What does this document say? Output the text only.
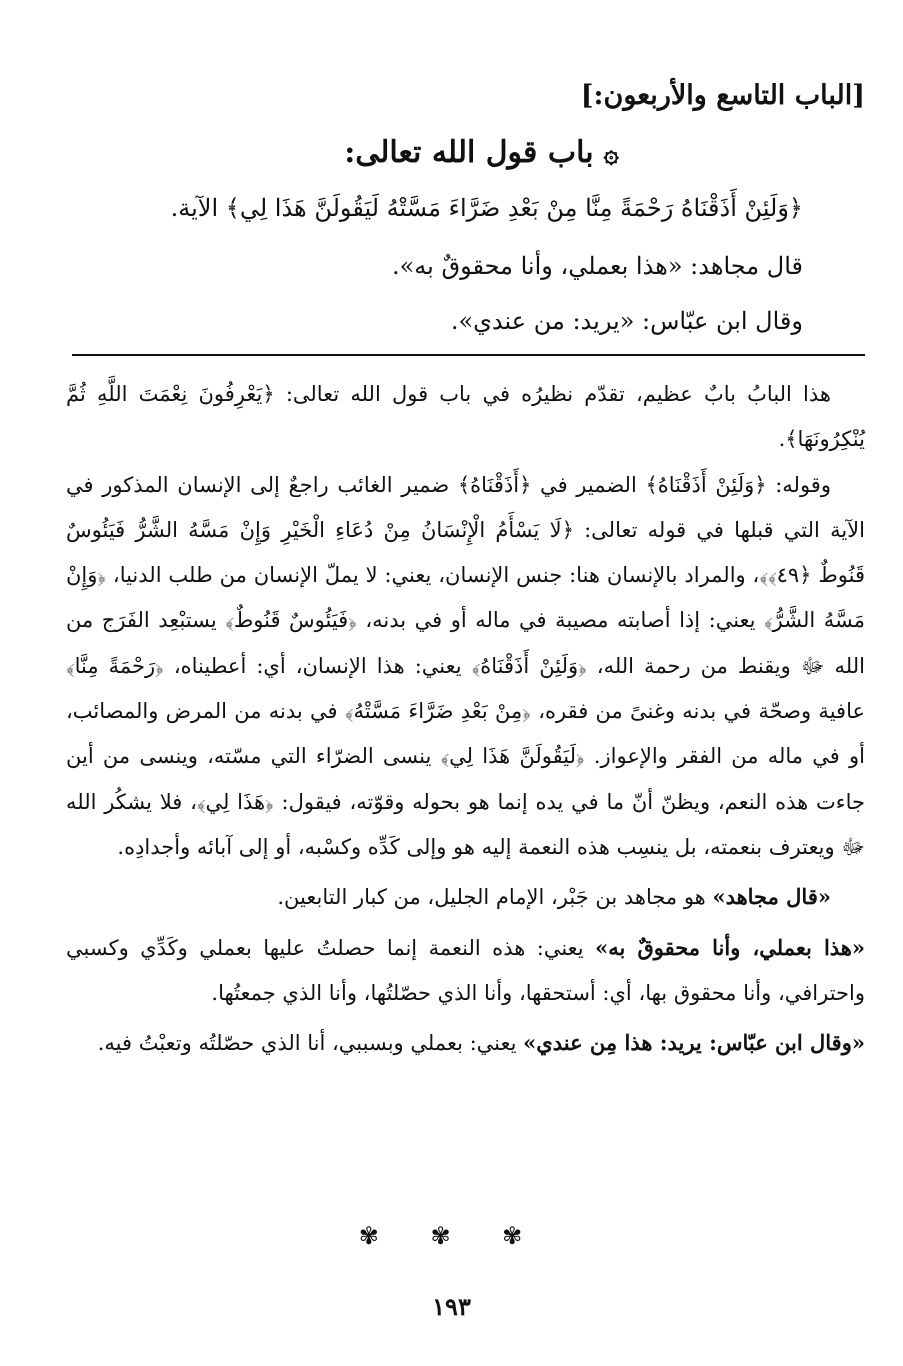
[الباب التاسع والأربعون:]
۞باب قول الله تعالى:

﴿وَلَئِنْ أَذَقْنَاهُ رَحْمَةً مِنَّا مِنْ بَعْدِ ضَرَّاءَ مَسَّتْهُ لَيَقُولَنَّ هَذَا لِي﴾ الآية.

قال مجاهد: «هذا بعملي، وأنا محقوقٌ به».

وقال ابن عبّاس: «يريد: من عندي».

هذا البابُ بابٌ عظيم، تقدّم نظيرُه في باب قول الله تعالى: ﴿يَعْرِفُونَ نِعْمَتَ اللَّهِ ثُمَّ يُنْكِرُونَهَا﴾.

وقوله: ﴿وَلَئِنْ أَذَقْنَاهُ﴾ الضمير في ﴿أَذَقْنَاهُ﴾ ضمير الغائب راجعٌ إلى الإنسان المذكور في الآية التي قبلها في قوله تعالى: ﴿لَا يَسْأَمُ الْإِنْسَانُ مِنْ دُعَاءِ الْخَيْرِ وَإِنْ مَسَّهُ الشَّرُّ فَيَئُوسٌ قَنُوطٌ ﴿٤٩﴾﴾، والمراد بالإنسان هنا: جنس الإنسان، يعني: لا يملّ الإنسان من طلب الدنيا، ﴿وَإِنْ مَسَّهُ الشَّرُّ﴾ يعني: إذا أصابته مصيبة في ماله أو في بدنه، ﴿فَيَئُوسٌ قَنُوطٌ﴾ يستبْعِد الفَرَج من الله ﷻ ويقنط من رحمة الله، ﴿وَلَئِنْ أَذَقْنَاهُ﴾ يعني: هذا الإنسان، أي: أعطيناه، ﴿رَحْمَةً مِنَّا﴾ عافية وصحّة في بدنه وغنىً من فقره، ﴿مِنْ بَعْدِ ضَرَّاءَ مَسَّتْهُ﴾ في بدنه من المرض والمصائب، أو في ماله من الفقر والإعواز. ﴿لَيَقُولَنَّ هَذَا لِي﴾ ينسى الضرّاء التي مسّته، وينسى من أين جاءت هذه النعم، ويظنّ أنّ ما في يده إنما هو بحوله وقوّته، فيقول: ﴿هَذَا لِي﴾، فلا يشكُر الله ﷻ ويعترف بنعمته، بل ينسِب هذه النعمة إليه هو وإلى كَدِّه وكسْبه، أو إلى آبائه وأجدادِه.

«قال مجاهد» هو مجاهد بن جَبْر، الإمام الجليل، من كبار التابعين.

«هذا بعملي، وأنا محقوقٌ به» يعني: هذه النعمة إنما حصلتُ عليها بعملي وكَدِّي وكسبي واحترافي، وأنا محقوق بها، أي: أستحقها، وأنا الذي حصّلتُها، وأنا الذي جمعتُها.

«وقال ابن عبّاس: يريد: هذا مِن عندي» يعني: بعملي وبسببي، أنا الذي حصّلتُه وتعبْتُ فيه.

✾ ✾ ✾
١٩٣
